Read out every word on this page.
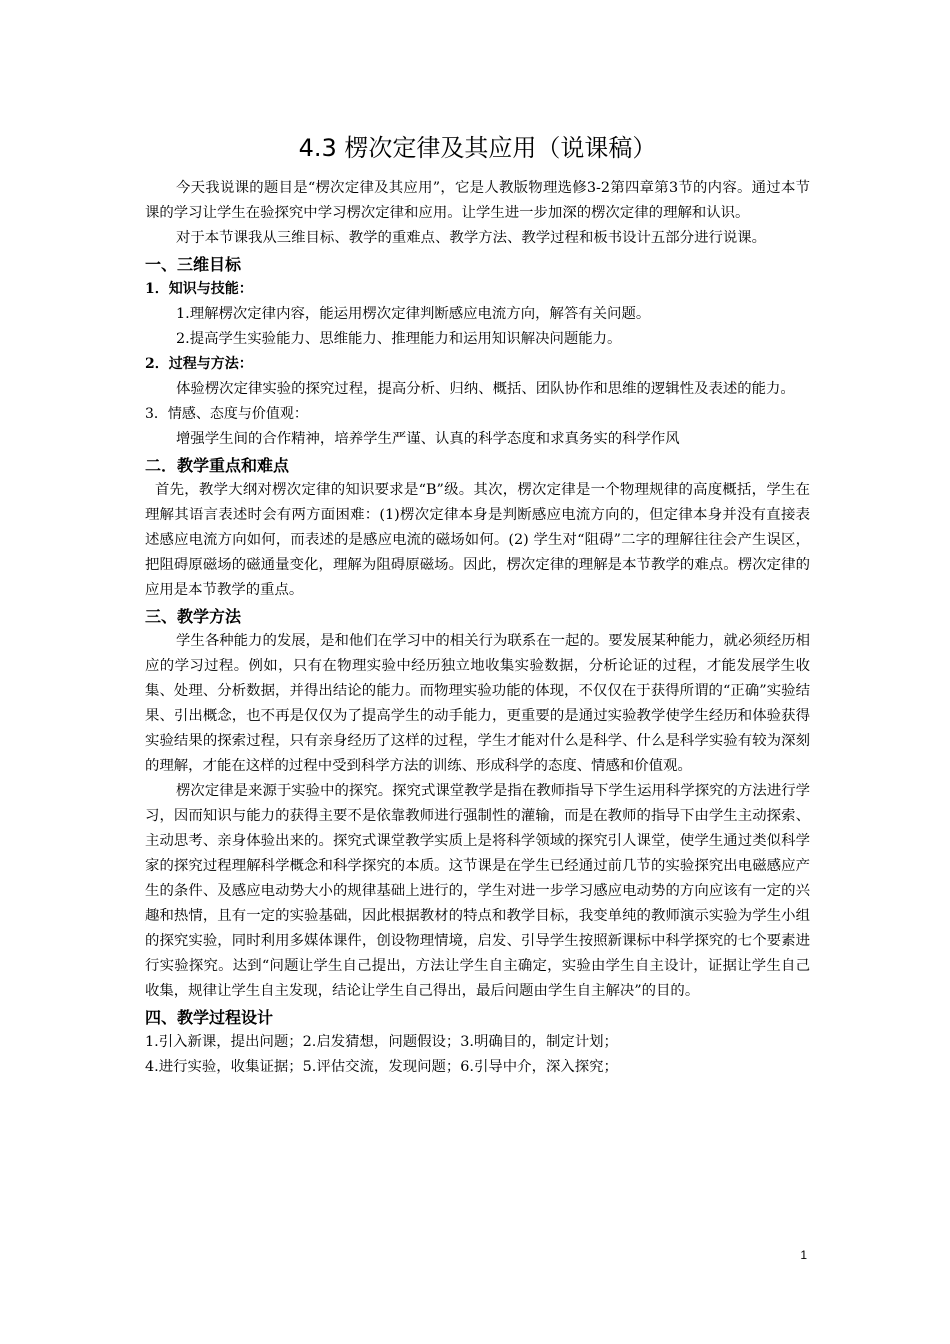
4.3 楞次定律及其应用（说课稿）

今天我说课的题目是“楞次定律及其应用”，它是人教版物理选修3-2第四章第3节的内容。通过本节课的学习让学生在验探究中学习楞次定律和应用。让学生进一步加深的楞次定律的理解和认识。

对于本节课我从三维目标、教学的重难点、教学方法、教学过程和板书设计五部分进行说课。

一、三维目标
1．知识与技能：

1.理解楞次定律内容，能运用楞次定律判断感应电流方向，解答有关问题。

2.提高学生实验能力、思维能力、推理能力和运用知识解决问题能力。

2．过程与方法：

体验楞次定律实验的探究过程，提高分析、归纳、概括、团队协作和思维的逻辑性及表述的能力。

3．情感、态度与价值观：

增强学生间的合作精神，培养学生严谨、认真的科学态度和求真务实的科学作风

二．教学重点和难点

首先，教学大纲对楞次定律的知识要求是“B”级。其次，楞次定律是一个物理规律的高度概括，学生在理解其语言表述时会有两方面困难：(1)楞次定律本身是判断感应电流方向的，但定律本身并没有直接表述感应电流方向如何，而表述的是感应电流的磁场如何。(2) 学生对“阻碍”二字的理解往往会产生误区，把阻碍原磁场的磁通量变化，理解为阻碍原磁场。因此，楞次定律的理解是本节教学的难点。楞次定律的应用是本节教学的重点。

三、教学方法

学生各种能力的发展，是和他们在学习中的相关行为联系在一起的。要发展某种能力，就必须经历相应的学习过程。例如，只有在物理实验中经历独立地收集实验数据，分析论证的过程，才能发展学生收集、处理、分析数据，并得出结论的能力。而物理实验功能的体现，不仅仅在于获得所谓的“正确”实验结果、引出概念，也不再是仅仅为了提高学生的动手能力，更重要的是通过实验教学使学生经历和体验获得实验结果的探索过程，只有亲身经历了这样的过程，学生才能对什么是科学、什么是科学实验有较为深刻的理解，才能在这样的过程中受到科学方法的训练、形成科学的态度、情感和价值观。

楞次定律是来源于实验中的探究。探究式课堂教学是指在教师指导下学生运用科学探究的方法进行学习，因而知识与能力的获得主要不是依靠教师进行强制性的灌输，而是在教师的指导下由学生主动探索、主动思考、亲身体验出来的。探究式课堂教学实质上是将科学领域的探究引人课堂，使学生通过类似科学家的探究过程理解科学概念和科学探究的本质。这节课是在学生已经通过前几节的实验探究出电磁感应产生的条件、及感应电动势大小的规律基础上进行的，学生对进一步学习感应电动势的方向应该有一定的兴趣和热情，且有一定的实验基础，因此根据教材的特点和教学目标，我变单纯的教师演示实验为学生小组的探究实验，同时利用多媒体课件，创设物理情境，启发、引导学生按照新课标中科学探究的七个要素进行实验探究。达到“问题让学生自己提出，方法让学生自主确定，实验由学生自主设计，证据让学生自己收集，规律让学生自主发现，结论让学生自己得出，最后问题由学生自主解决”的目的。

四、教学过程设计

1.引入新课，提出问题；2.启发猜想，问题假设；3.明确目的，制定计划；

4.进行实验，收集证据；5.评估交流，发现问题；6.引导中介，深入探究；

1
